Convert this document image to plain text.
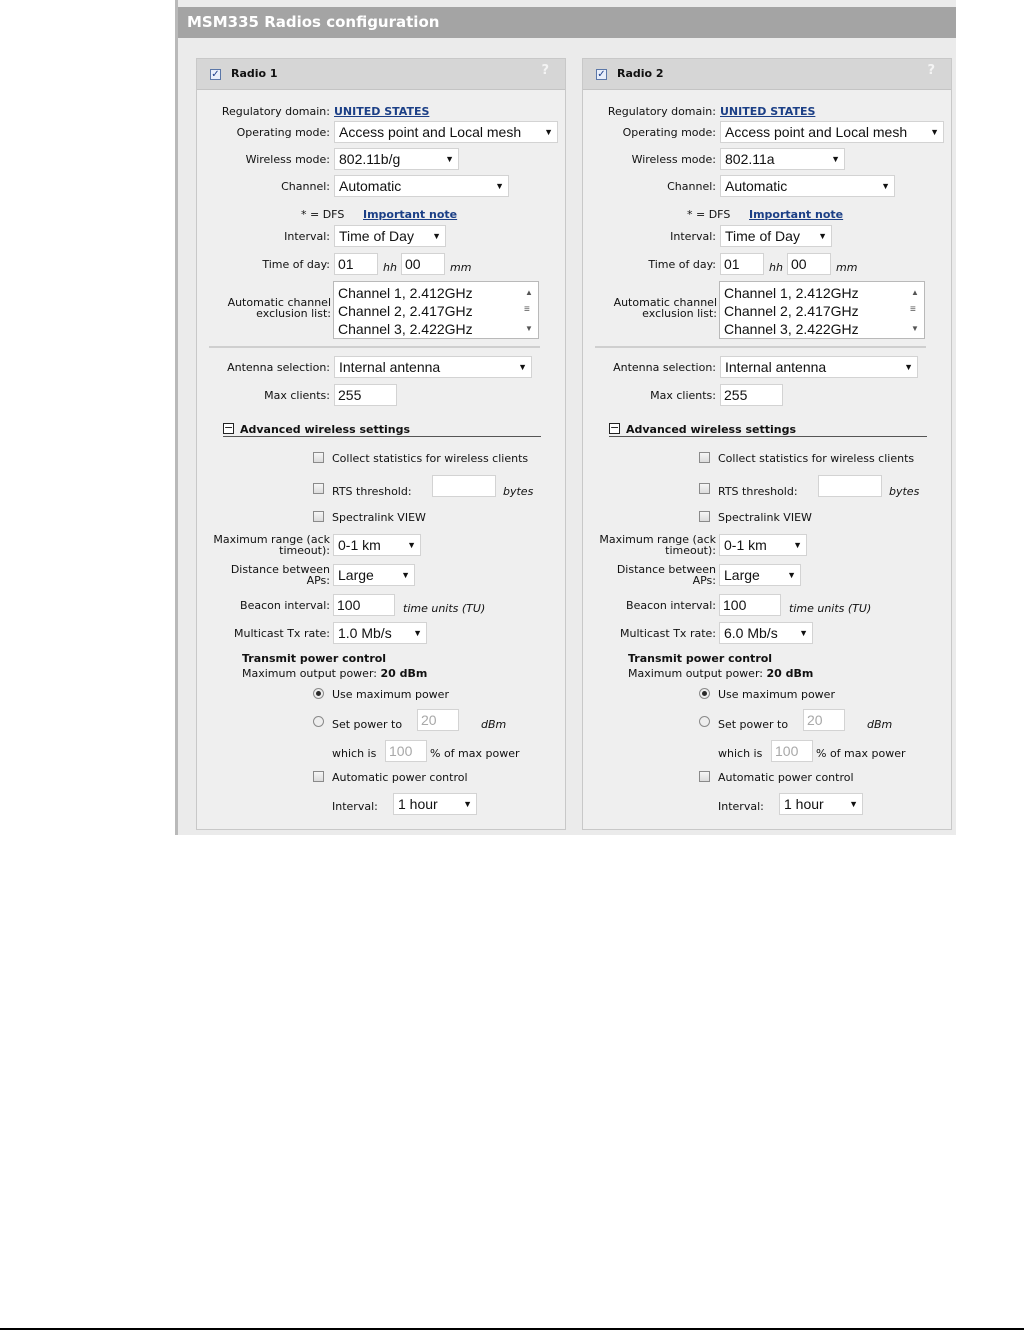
MSM335 Radios configuration
✓ Radio 1	?
Regulatory domain: UNITED STATES
Operating mode: Access point and Local mesh	▼
Wireless mode: 802.11b/g	▼
Channel: Automatic	▼
* = DFS Important note
Interval: Time of Day ▼
Time of day: 01	hh 00	mm
Automatic channel exclusion list:
Channel 1, 2.412GHz
Channel 2, 2.417GHz
Channel 3, 2.422GHz
▲
≡
▼
Antenna selection: Internal antenna	▼
Max clients: 255
− Advanced wireless settings
Collect statistics for wireless clients
RTS threshold:	bytes
Spectralink VIEW
Maximum range (ack timeout): 0-1 km	▼
Distance between APs: Large	▼
Beacon interval: 100	time units (TU)
Multicast Tx rate: 1.0 Mb/s ▼
Transmit power control
Maximum output power: 20 dBm
Use maximum power
Set power to 20	dBm
which is 100	% of max power
Automatic power control
Interval:	1 hour	▼
✓ Radio 2	?
Regulatory domain: UNITED STATES
Operating mode: Access point and Local mesh	▼
Wireless mode: 802.11a	▼
Channel: Automatic	▼
* = DFS Important note
Interval: Time of Day ▼
Time of day: 01	hh 00	mm
Automatic channel exclusion list:
Channel 1, 2.412GHz
Channel 2, 2.417GHz
Channel 3, 2.422GHz
▲
≡
▼
Antenna selection: Internal antenna	▼
Max clients: 255
− Advanced wireless settings
Collect statistics for wireless clients
RTS threshold:	bytes
Spectralink VIEW
Maximum range (ack timeout): 0-1 km	▼
Distance between APs: Large	▼
Beacon interval: 100	time units (TU)
Multicast Tx rate: 6.0 Mb/s ▼
Transmit power control
Maximum output power: 20 dBm
Use maximum power
Set power to 20	dBm
which is 100	% of max power
Automatic power control
Interval:	1 hour	▼
